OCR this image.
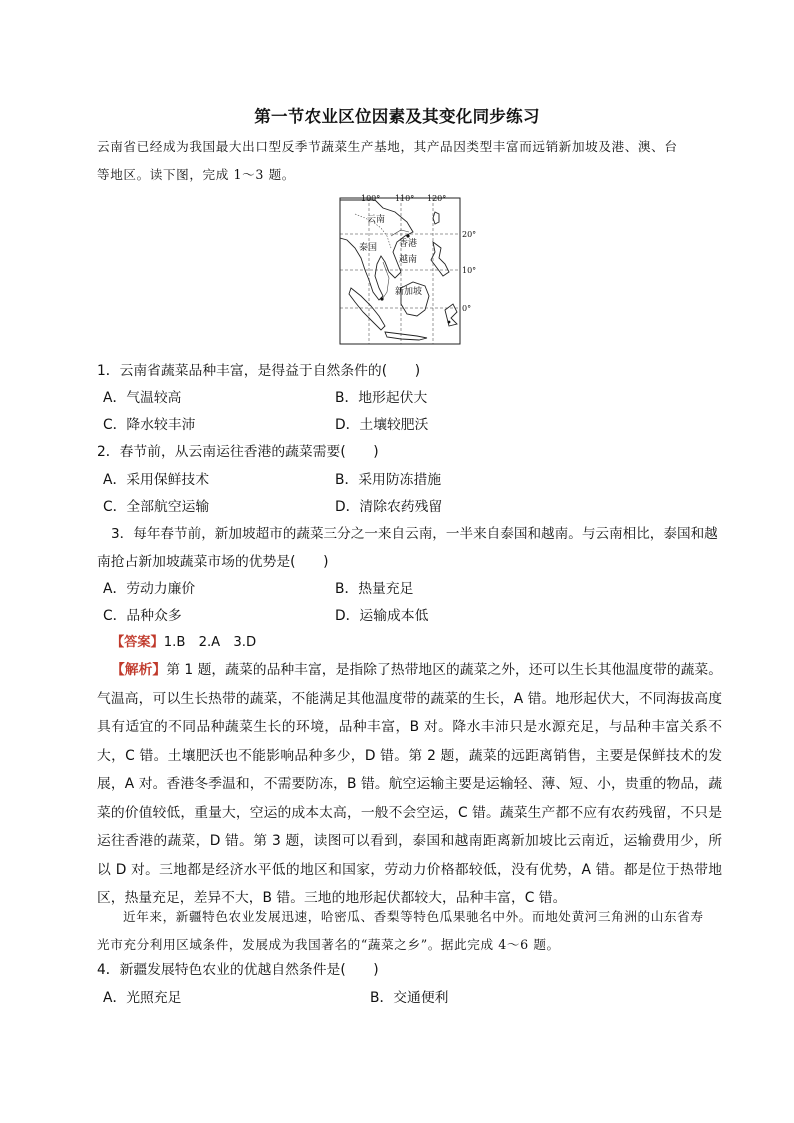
第一节农业区位因素及其变化同步练习
云南省已经成为我国最大出口型反季节蔬菜生产基地，其产品因类型丰富而远销新加坡及港、澳、台
等地区。读下图，完成 1～3 题。
100° 110° 120°
20°
10°
0°
云南
香港
泰国
越南
新加坡
1．云南省蔬菜品种丰富，是得益于自然条件的(　　)
A．气温较高	B．地形起伏大
C．降水较丰沛	D．土壤较肥沃
2．春节前，从云南运往香港的蔬菜需要(　　)
A．采用保鲜技术	B．采用防冻措施
C．全部航空运输	D．清除农药残留
3．每年春节前，新加坡超市的蔬菜三分之一来自云南，一半来自泰国和越南。与云南相比，泰国和越
南抢占新加坡蔬菜市场的优势是(　　)
A．劳动力廉价	B．热量充足
C．品种众多	D．运输成本低
【答案】1.B　2.A　3.D
【解析】第 1 题，蔬菜的品种丰富，是指除了热带地区的蔬菜之外，还可以生长其他温度带的蔬菜。气温高，可以生长热带的蔬菜，不能满足其他温度带的蔬菜的生长，A 错。地形起伏大，不同海拔高度具有适宜的不同品种蔬菜生长的环境，品种丰富，B 对。降水丰沛只是水源充足，与品种丰富关系不大，C 错。土壤肥沃也不能影响品种多少，D 错。第 2 题，蔬菜的远距离销售，主要是保鲜技术的发展，A 对。香港冬季温和，不需要防冻，B 错。航空运输主要是运输轻、薄、短、小，贵重的物品，蔬菜的价值较低，重量大，空运的成本太高，一般不会空运，C 错。蔬菜生产都不应有农药残留，不只是运往香港的蔬菜，D 错。第 3 题，读图可以看到，泰国和越南距离新加坡比云南近，运输费用少，所以 D 对。三地都是经济水平低的地区和国家，劳动力价格都较低，没有优势，A 错。都是位于热带地区，热量充足，差异不大，B 错。三地的地形起伏都较大，品种丰富，C 错。
近年来，新疆特色农业发展迅速，哈密瓜、香梨等特色瓜果驰名中外。而地处黄河三角洲的山东省寿
光市充分利用区域条件，发展成为我国著名的“蔬菜之乡”。据此完成 4～6 题。
4．新疆发展特色农业的优越自然条件是(　　)
A．光照充足	B．交通便利
